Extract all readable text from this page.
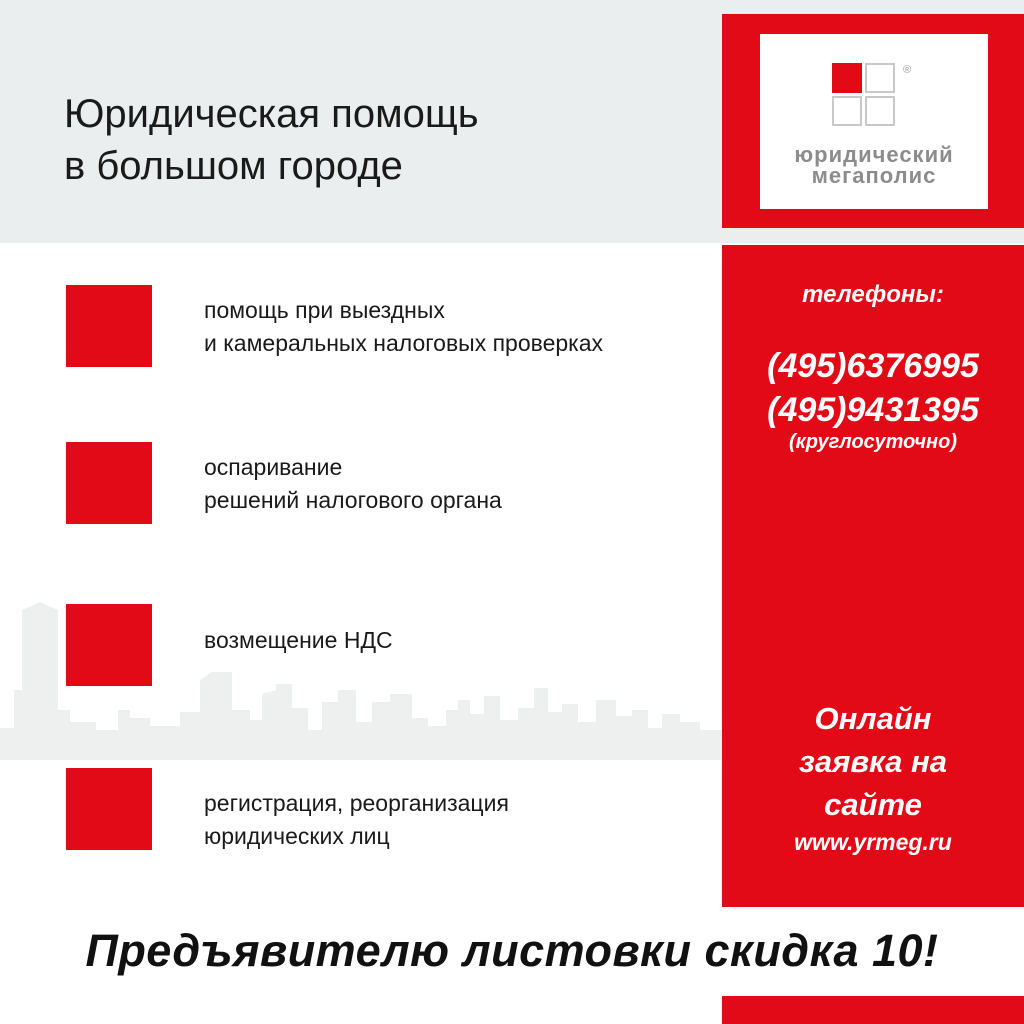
Юридическая помощь
в большом городе
®
юридический
мегаполис
помощь при выездных
и камеральных налоговых проверках
оспаривание
решений налогового органа
возмещение НДС
регистрация, реорганизация
юридических лиц
телефоны:
(495)6376995
(495)9431395
(круглосуточно)
Онлайн
заявка на
сайте
www.yrmeg.ru
Предъявителю листовки скидка 10!
